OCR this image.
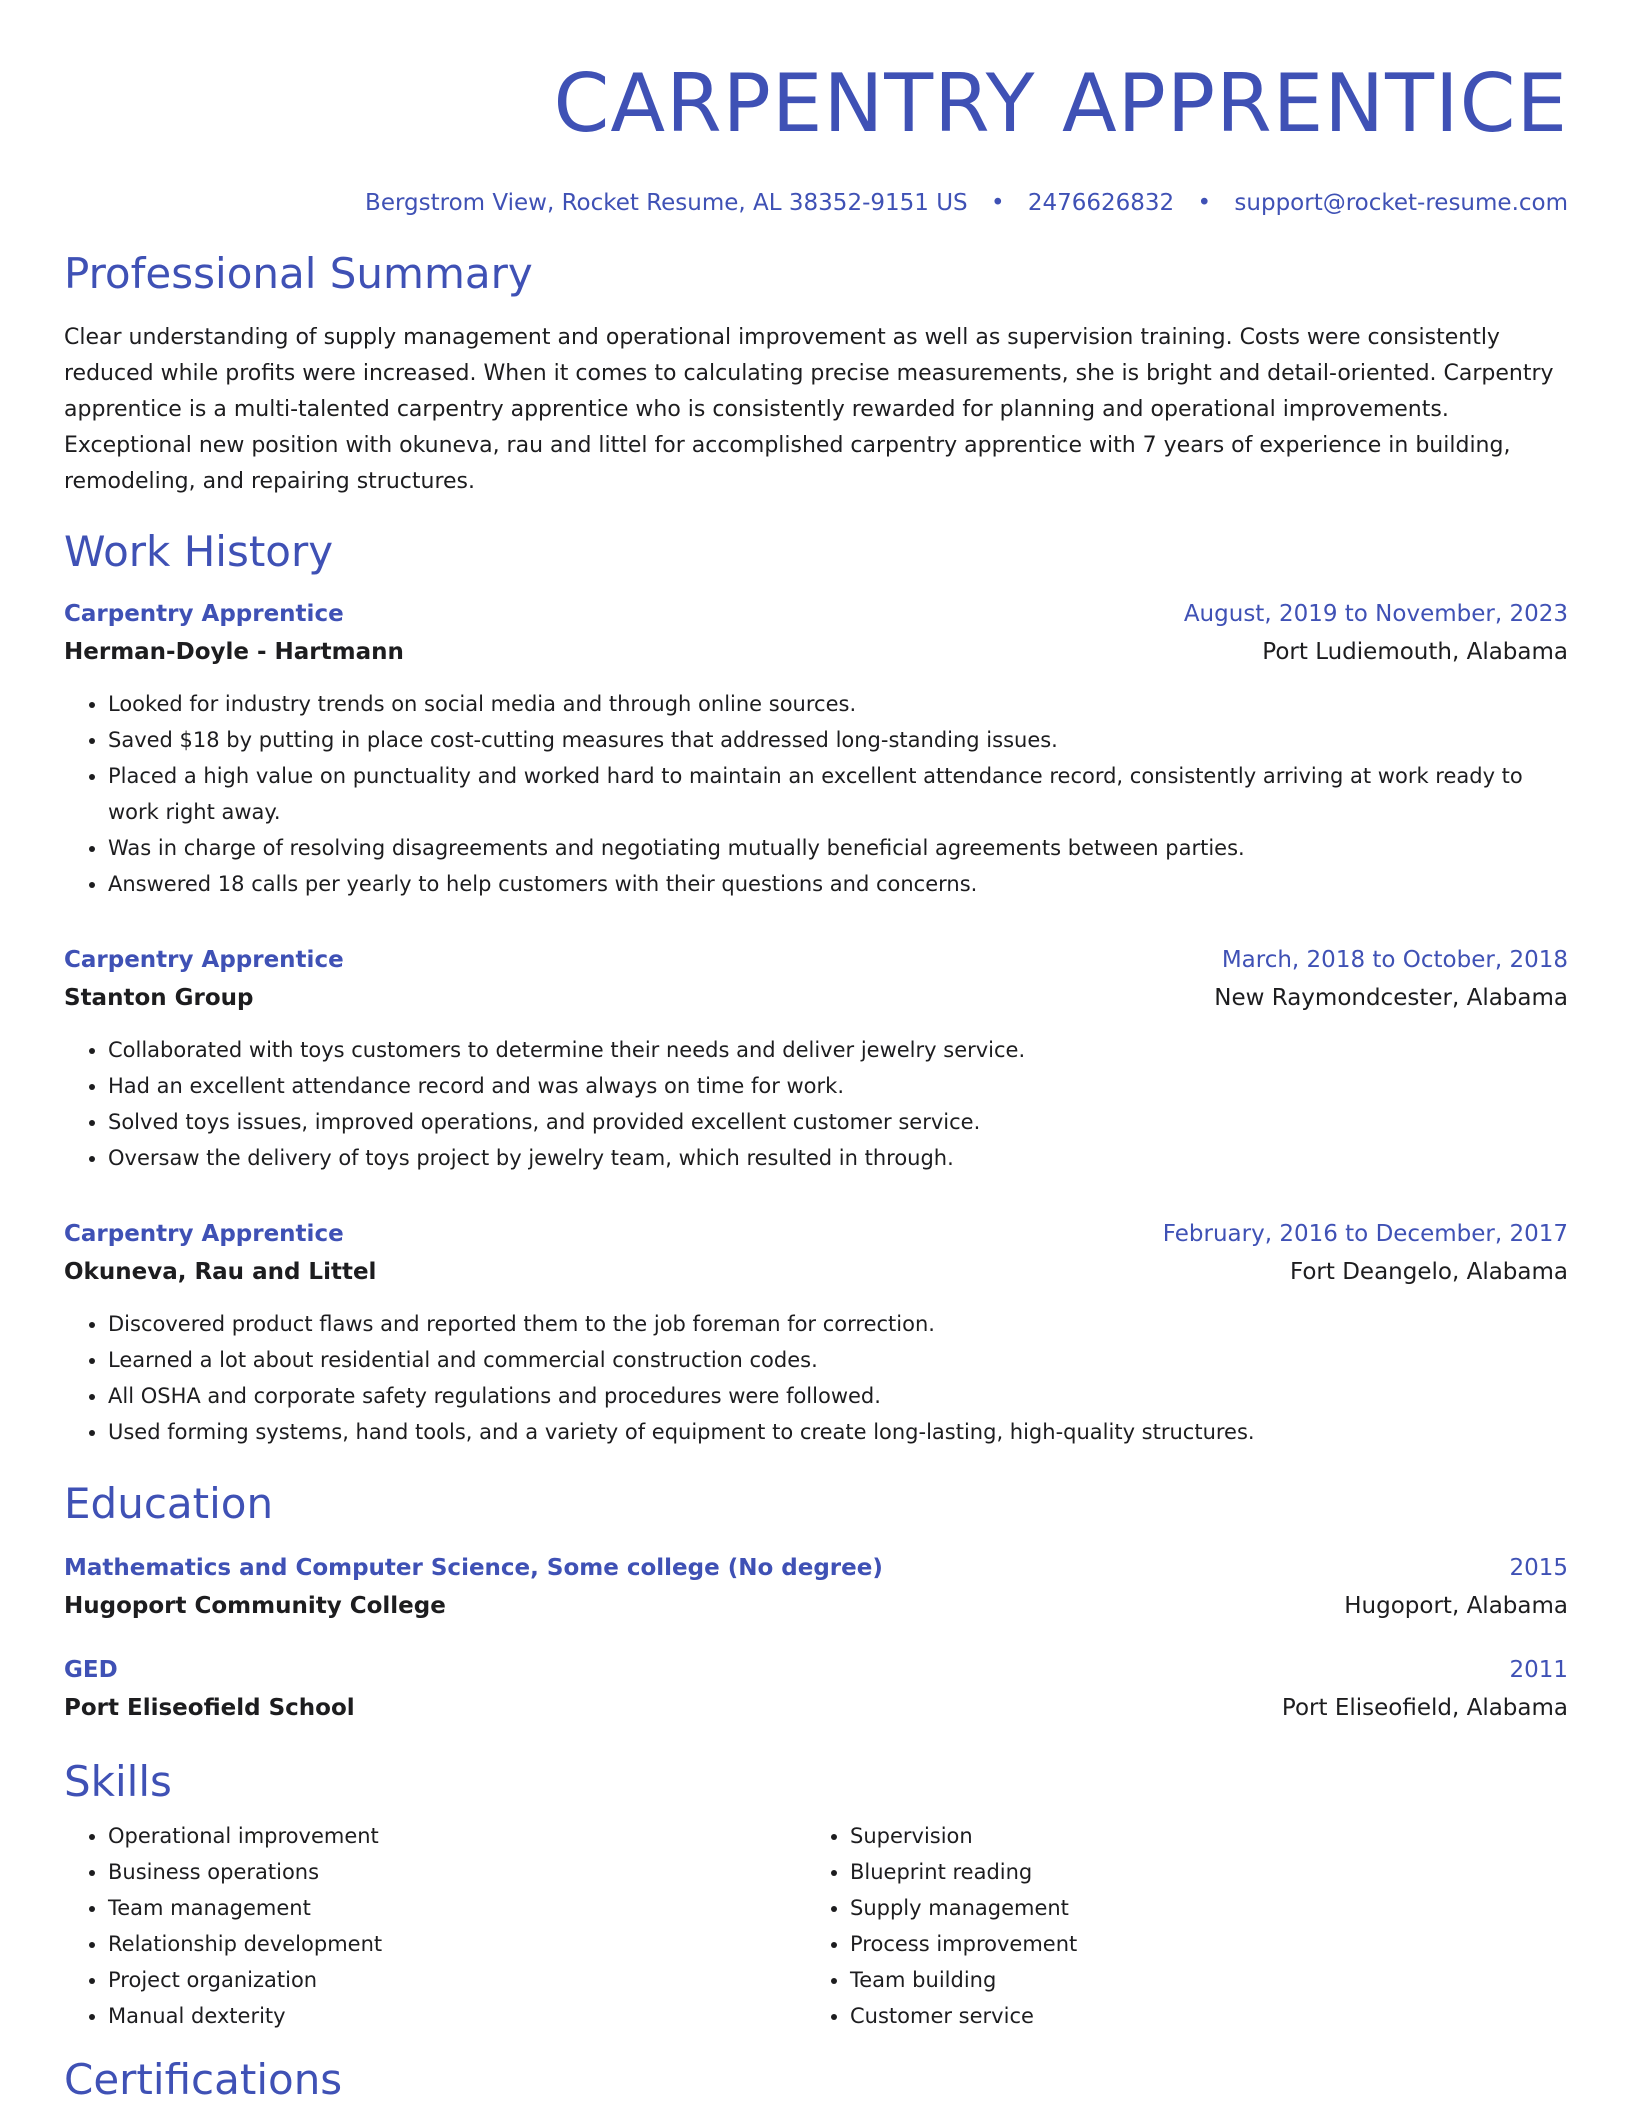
CARPENTRY APPRENTICE
Bergstrom View, Rocket Resume, AL 38352-9151 US • 2476626832 • support@rocket-resume.com
Professional Summary
Clear understanding of supply management and operational improvement as well as supervision training. Costs were consistently reduced while profits were increased. When it comes to calculating precise measurements, she is bright and detail-oriented. Carpentry apprentice is a multi-talented carpentry apprentice who is consistently rewarded for planning and operational improvements. Exceptional new position with okuneva, rau and littel for accomplished carpentry apprentice with 7 years of experience in building, remodeling, and repairing structures.
Work History
Carpentry Apprentice	August, 2019 to November, 2023
Herman-Doyle - Hartmann	Port Ludiemouth, Alabama
• Looked for industry trends on social media and through online sources.
• Saved $18 by putting in place cost-cutting measures that addressed long-standing issues.
• Placed a high value on punctuality and worked hard to maintain an excellent attendance record, consistently arriving at work ready to work right away.
• Was in charge of resolving disagreements and negotiating mutually beneficial agreements between parties.
• Answered 18 calls per yearly to help customers with their questions and concerns.
Carpentry Apprentice	March, 2018 to October, 2018
Stanton Group	New Raymondcester, Alabama
• Collaborated with toys customers to determine their needs and deliver jewelry service.
• Had an excellent attendance record and was always on time for work.
• Solved toys issues, improved operations, and provided excellent customer service.
• Oversaw the delivery of toys project by jewelry team, which resulted in through.
Carpentry Apprentice	February, 2016 to December, 2017
Okuneva, Rau and Littel	Fort Deangelo, Alabama
• Discovered product flaws and reported them to the job foreman for correction.
• Learned a lot about residential and commercial construction codes.
• All OSHA and corporate safety regulations and procedures were followed.
• Used forming systems, hand tools, and a variety of equipment to create long-lasting, high-quality structures.
Education
Mathematics and Computer Science, Some college (No degree)	2015
Hugoport Community College	Hugoport, Alabama
GED	2011
Port Eliseofield School	Port Eliseofield, Alabama
Skills
• Operational improvement
• Business operations
• Team management
• Relationship development
• Project organization
• Manual dexterity
• Supervision
• Blueprint reading
• Supply management
• Process improvement
• Team building
• Customer service
Certifications
